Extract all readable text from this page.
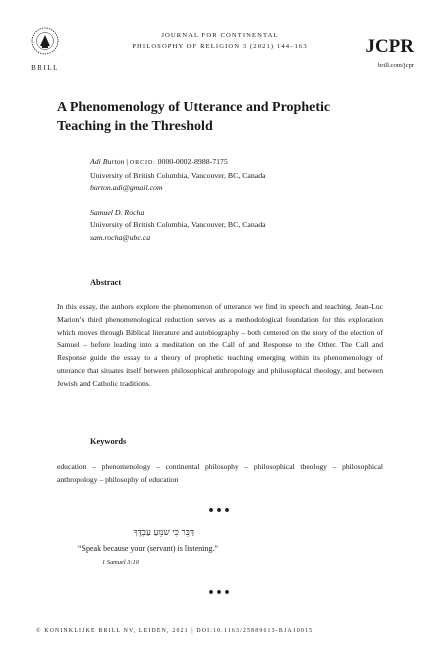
BRILL
JOURNAL FOR CONTINENTAL
PHILOSOPHY OF RELIGION 3 (2021) 144–163	JCPR
brill.com/jcpr
A Phenomenology of Utterance and Prophetic Teaching in the Threshold
Adi Burton | ORCID: 0000-0002-8988-7175
University of British Columbia, Vancouver, BC, Canada
burton.adi@gmail.com
Samuel D. Rocha
University of British Columbia, Vancouver, BC, Canada
sam.rocha@ubc.ca
Abstract
In this essay, the authors explore the phenomenon of utterance we find in speech and teaching. Jean-Luc Marion’s third phenomenological reduction serves as a methodological foundation for this exploration which moves through Biblical literature and autobiography – both centered on the story of the election of Samuel – before leading into a meditation on the Call of and Response to the Other. The Call and Response guide the essay to a theory of prophetic teaching emerging within its phenomenology of utterance that situates itself between philosophical anthropology and philosophical theology, and between Jewish and Catholic traditions.
Keywords
education – phenomenology – continental philosophy – philosophical theology – philosophical anthropology – philosophy of education
•••
דַּבֵּר כִּי שֹׁמֵעַ עַבְדֶּךָ
“Speak because your (servant) is listening.”
1 Samuel 3:10
•••
© KONINKLIJKE BRILL NV, LEIDEN, 2021 | DOI:10.1163/25889613-BJA10015
